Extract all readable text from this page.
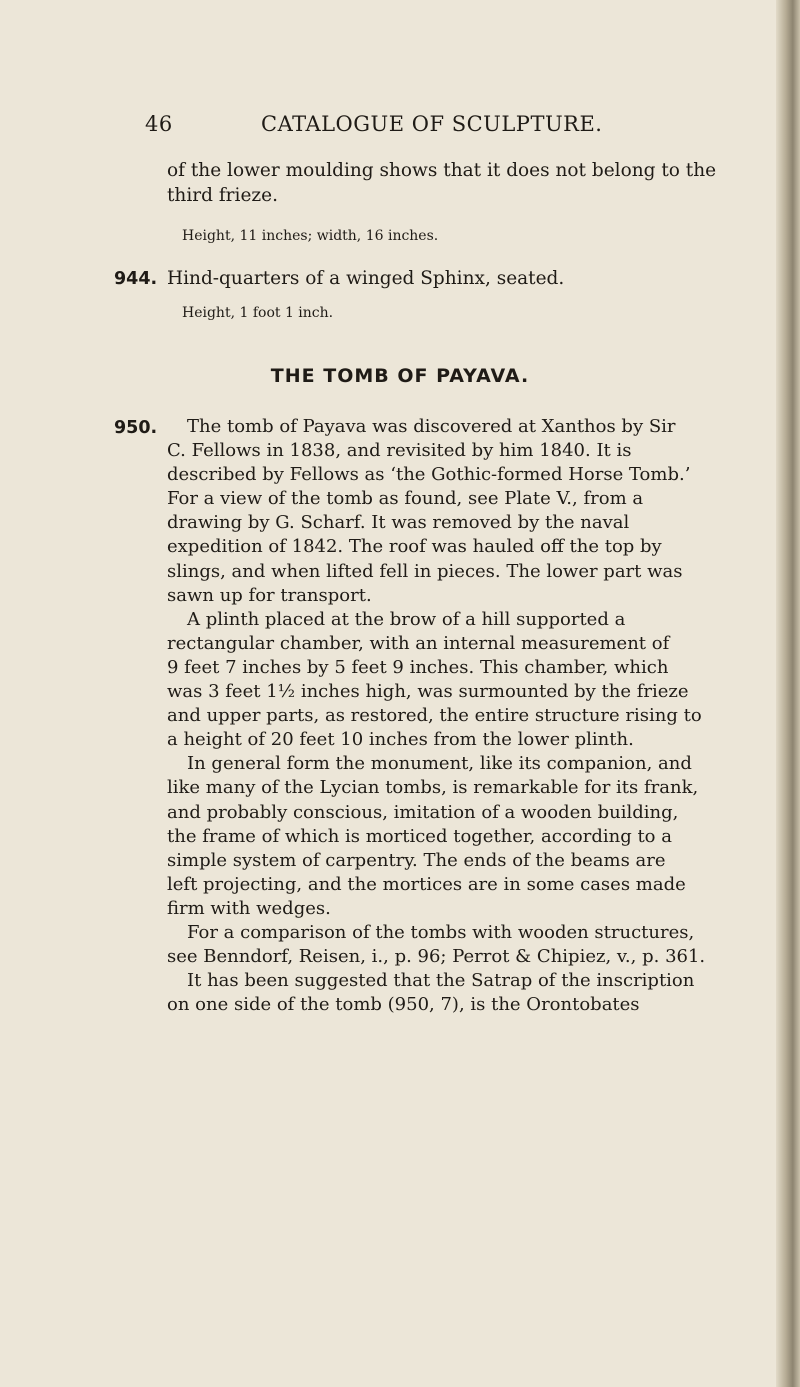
46	CATALOGUE OF SCULPTURE.
of the lower moulding shows that it does not belong to the
third frieze.
Height, 11 inches; width, 16 inches.
944. Hind-quarters of a winged Sphinx, seated.
Height, 1 foot 1 inch.
THE TOMB OF PAYAVA.
950.	The tomb of Payava was discovered at Xanthos by Sir
C. Fellows in 1838, and revisited by him 1840. It is
described by Fellows as ‘the Gothic-formed Horse Tomb.’
For a view of the tomb as found, see Plate V., from a
drawing by G. Scharf. It was removed by the naval
expedition of 1842. The roof was hauled off the top by
slings, and when lifted fell in pieces. The lower part was
sawn up for transport.
A plinth placed at the brow of a hill supported a
rectangular chamber, with an internal measurement of
9 feet 7 inches by 5 feet 9 inches. This chamber, which
was 3 feet 1½ inches high, was surmounted by the frieze
and upper parts, as restored, the entire structure rising to
a height of 20 feet 10 inches from the lower plinth.
In general form the monument, like its companion, and
like many of the Lycian tombs, is remarkable for its frank,
and probably conscious, imitation of a wooden building,
the frame of which is morticed together, according to a
simple system of carpentry. The ends of the beams are
left projecting, and the mortices are in some cases made
firm with wedges.
For a comparison of the tombs with wooden structures,
see Benndorf, Reisen, i., p. 96; Perrot & Chipiez, v., p. 361.
It has been suggested that the Satrap of the inscription
on one side of the tomb (950, 7), is the Orontobates
